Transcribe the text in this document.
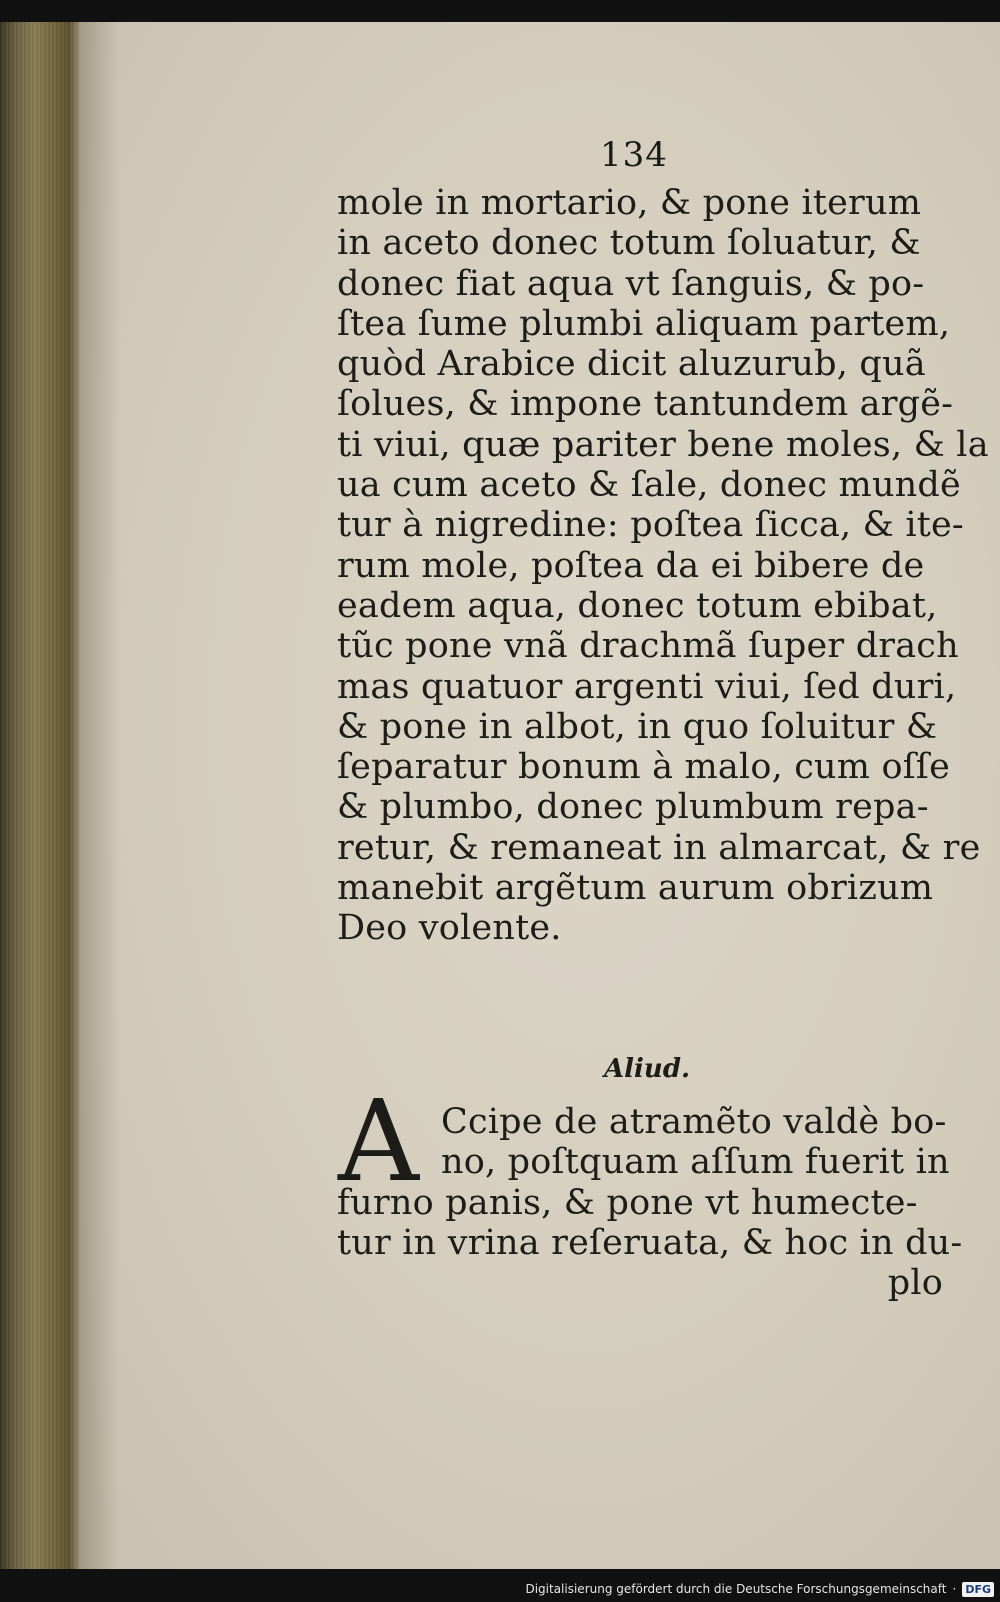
134
mole in mortario, & pone iterum
in aceto donec totum ſoluatur, &
donec fiat aqua vt ſanguis, & po-
ſtea ſume plumbi aliquam partem,
quòd Arabice dicit aluzurub, quã
ſolues, & impone tantundem argẽ-
ti viui, quæ pariter bene moles, & la
ua cum aceto & ſale, donec mundẽ
tur à nigredine: poſtea ſicca, & ite-
rum mole, poſtea da ei bibere de
eadem aqua, donec totum ebibat,
tũc pone vnã drachmã ſuper drach
mas quatuor argenti viui, ſed duri,
& pone in albot, in quo ſoluitur &
ſeparatur bonum à malo, cum oſſe
& plumbo, donec plumbum repa-
retur, & remaneat in almarcat, & re
manebit argẽtum aurum obrizum
Deo volente.
Aliud.
A Ccipe de atramẽto valdè bo-
no, poſtquam aſſum fuerit in
furno panis, & pone vt humecte-
tur in vrina reſeruata, & hoc in du-
plo
Digitalisierung gefördert durch die Deutsche Forschungsgemeinschaft · DFG
